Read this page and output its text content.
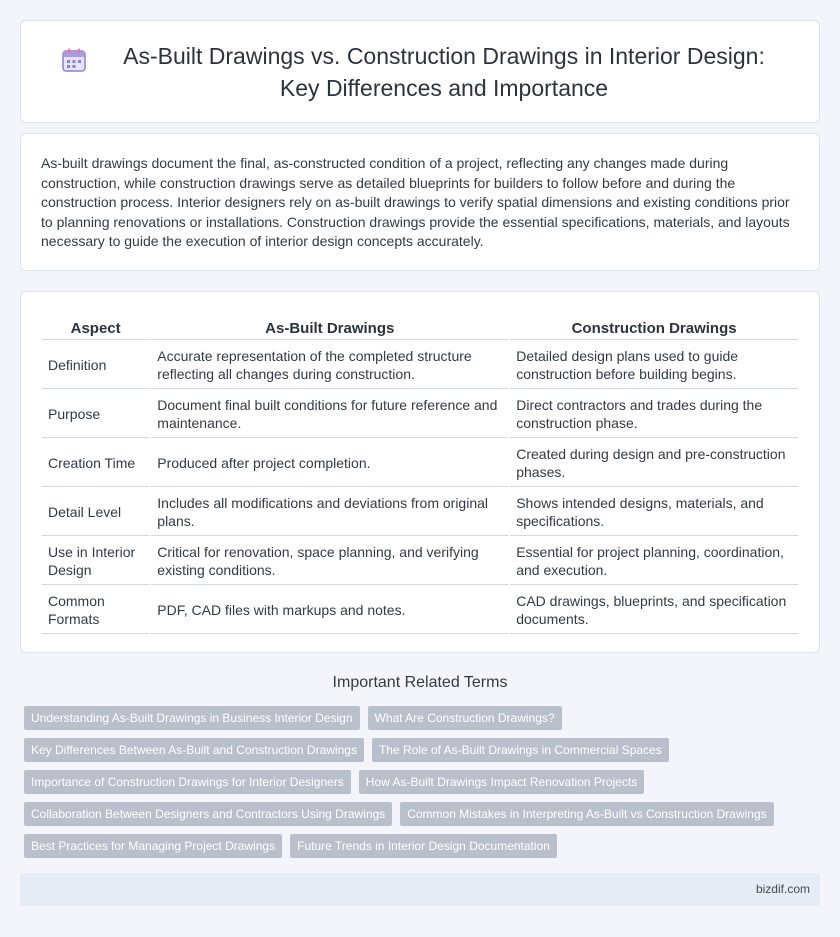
As-Built Drawings vs. Construction Drawings in Interior Design: Key Differences and Importance

As-built drawings document the final, as-constructed condition of a project, reflecting any changes made during construction, while construction drawings serve as detailed blueprints for builders to follow before and during the construction process. Interior designers rely on as-built drawings to verify spatial dimensions and existing conditions prior to planning renovations or installations. Construction drawings provide the essential specifications, materials, and layouts necessary to guide the execution of interior design concepts accurately.

Aspect	As-Built Drawings	Construction Drawings
Definition	Accurate representation of the completed structure reflecting all changes during construction.	Detailed design plans used to guide construction before building begins.
Purpose	Document final built conditions for future reference and maintenance.	Direct contractors and trades during the construction phase.
Creation Time	Produced after project completion.	Created during design and pre-construction phases.
Detail Level	Includes all modifications and deviations from original plans.	Shows intended designs, materials, and specifications.
Use in Interior Design	Critical for renovation, space planning, and verifying existing conditions.	Essential for project planning, coordination, and execution.
Common Formats	PDF, CAD files with markups and notes.	CAD drawings, blueprints, and specification documents.
Important Related Terms
Understanding As-Built Drawings in Business Interior Design	What Are Construction Drawings?
Key Differences Between As-Built and Construction Drawings	The Role of As-Built Drawings in Commercial Spaces
Importance of Construction Drawings for Interior Designers	How As-Built Drawings Impact Renovation Projects
Collaboration Between Designers and Contractors Using Drawings	Common Mistakes in Interpreting As-Built vs Construction Drawings
Best Practices for Managing Project Drawings	Future Trends in Interior Design Documentation
bizdif.com
